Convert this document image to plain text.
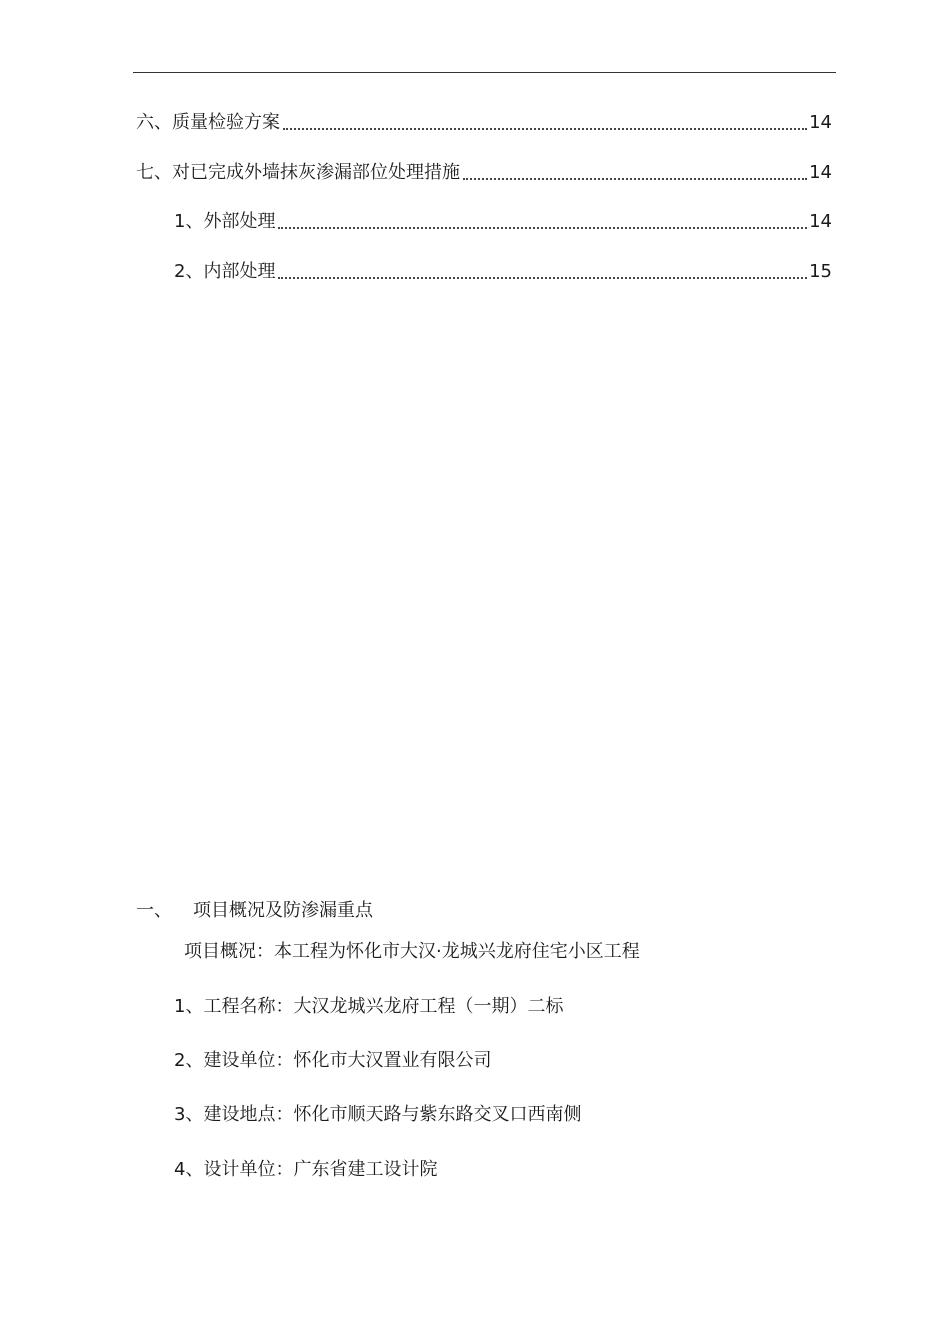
六、质量检验方案	14
七、对已完成外墙抹灰渗漏部位处理措施	14
1、外部处理	14
2、内部处理	15
一、 项目概况及防渗漏重点
项目概况：本工程为怀化市大汉·龙城兴龙府住宅小区工程
1、工程名称：大汉龙城兴龙府工程（一期）二标
2、建设单位：怀化市大汉置业有限公司
3、建设地点：怀化市顺天路与紫东路交叉口西南侧
4、设计单位：广东省建工设计院
